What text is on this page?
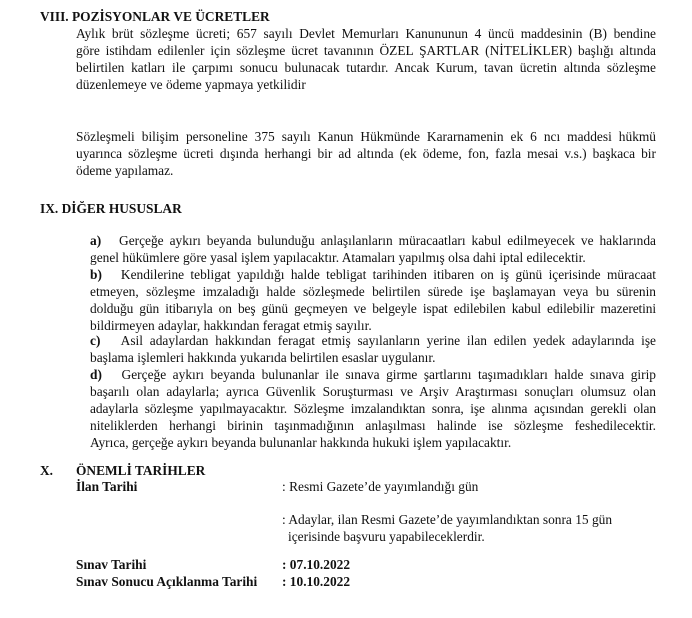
VIII. POZİSYONLAR VE ÜCRETLER
Aylık brüt sözleşme ücreti; 657 sayılı Devlet Memurları Kanununun 4 üncü maddesinin (B) bendine
göre istihdam edilenler için sözleşme ücret tavanının ÖZEL ŞARTLAR (NİTELİKLER) başlığı altında
belirtilen katları ile çarpımı sonucu bulunacak tutardır. Ancak Kurum, tavan ücretin altında sözleşme
düzenlemeye ve ödeme yapmaya yetkilidir
Sözleşmeli bilişim personeline 375 sayılı Kanun Hükmünde Kararnamenin ek 6 ncı maddesi hükmü
uyarınca sözleşme ücreti dışında herhangi bir ad altında (ek ödeme, fon, fazla mesai v.s.) başkaca bir
ödeme yapılamaz.
IX. DİĞER HUSUSLAR
a) Gerçeğe aykırı beyanda bulunduğu anlaşılanların müracaatları kabul edilmeyecek ve haklarında
genel hükümlere göre yasal işlem yapılacaktır. Atamaları yapılmış olsa dahi iptal edilecektir.
b) Kendilerine tebligat yapıldığı halde tebligat tarihinden itibaren on iş günü içerisinde müracaat
etmeyen, sözleşme imzaladığı halde sözleşmede belirtilen sürede işe başlamayan veya bu sürenin
dolduğu gün itibarıyla on beş günü geçmeyen ve belgeyle ispat edilebilen kabul edilebilir mazeretini
bildirmeyen adaylar, hakkından feragat etmiş sayılır.
c) Asil adaylardan hakkından feragat etmiş sayılanların yerine ilan edilen yedek adaylarında işe
başlama işlemleri hakkında yukarıda belirtilen esaslar uygulanır.
d) Gerçeğe aykırı beyanda bulunanlar ile sınava girme şartlarını taşımadıkları halde sınava girip
başarılı olan adaylarla; ayrıca Güvenlik Soruşturması ve Arşiv Araştırması sonuçları olumsuz olan
adaylarla sözleşme yapılmayacaktır. Sözleşme imzalandıktan sonra, işe alınma açısından gerekli olan
niteliklerden herhangi birinin taşınmadığının anlaşılması halinde ise sözleşme feshedilecektir.
Ayrıca, gerçeğe aykırı beyanda bulunanlar hakkında hukuki işlem yapılacaktır.
X. ÖNEMLİ TARİHLER
İlan Tarihi	: Resmi Gazete’de yayımlandığı gün
: Adaylar, ilan Resmi Gazete’de yayımlandıktan sonra 15 gün
içerisinde başvuru yapabileceklerdir.
Sınav Tarihi	: 07.10.2022
Sınav Sonucu Açıklanma Tarihi : 10.10.2022
